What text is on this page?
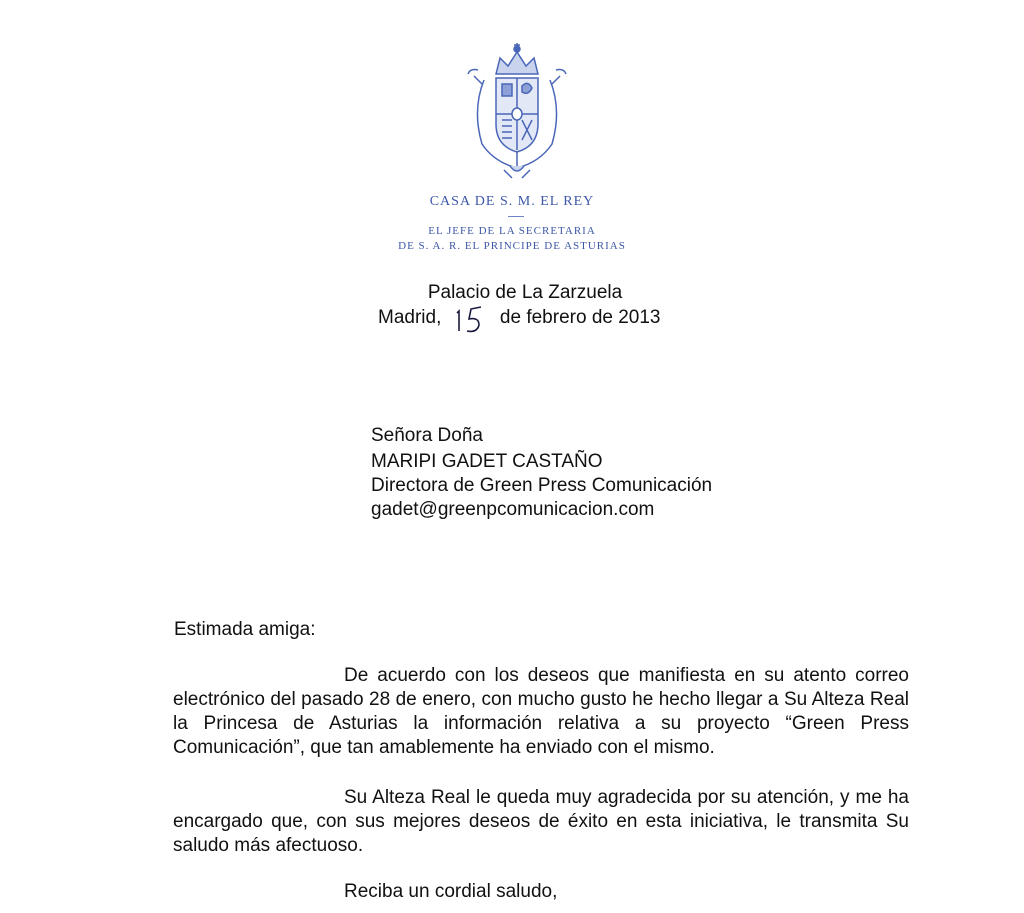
CASA DE S. M. EL REY
EL JEFE DE LA SECRETARIA
DE S. A. R. EL PRINCIPE DE ASTURIAS
Palacio de La Zarzuela
Madrid,	de febrero de 2013
Señora Doña
MARIPI GADET CASTAÑO
Directora de Green Press Comunicación
gadet@greenpcomunicacion.com
Estimada amiga:
De acuerdo con los deseos que manifiesta en su atento correo electrónico del pasado 28 de enero, con mucho gusto he hecho llegar a Su Alteza Real la Princesa de Asturias la información relativa a su proyecto “Green Press Comunicación”, que tan amablemente ha enviado con el mismo.
Su Alteza Real le queda muy agradecida por su atención, y me ha encargado que, con sus mejores deseos de éxito en esta iniciativa, le transmita Su saludo más afectuoso.
Reciba un cordial saludo,
